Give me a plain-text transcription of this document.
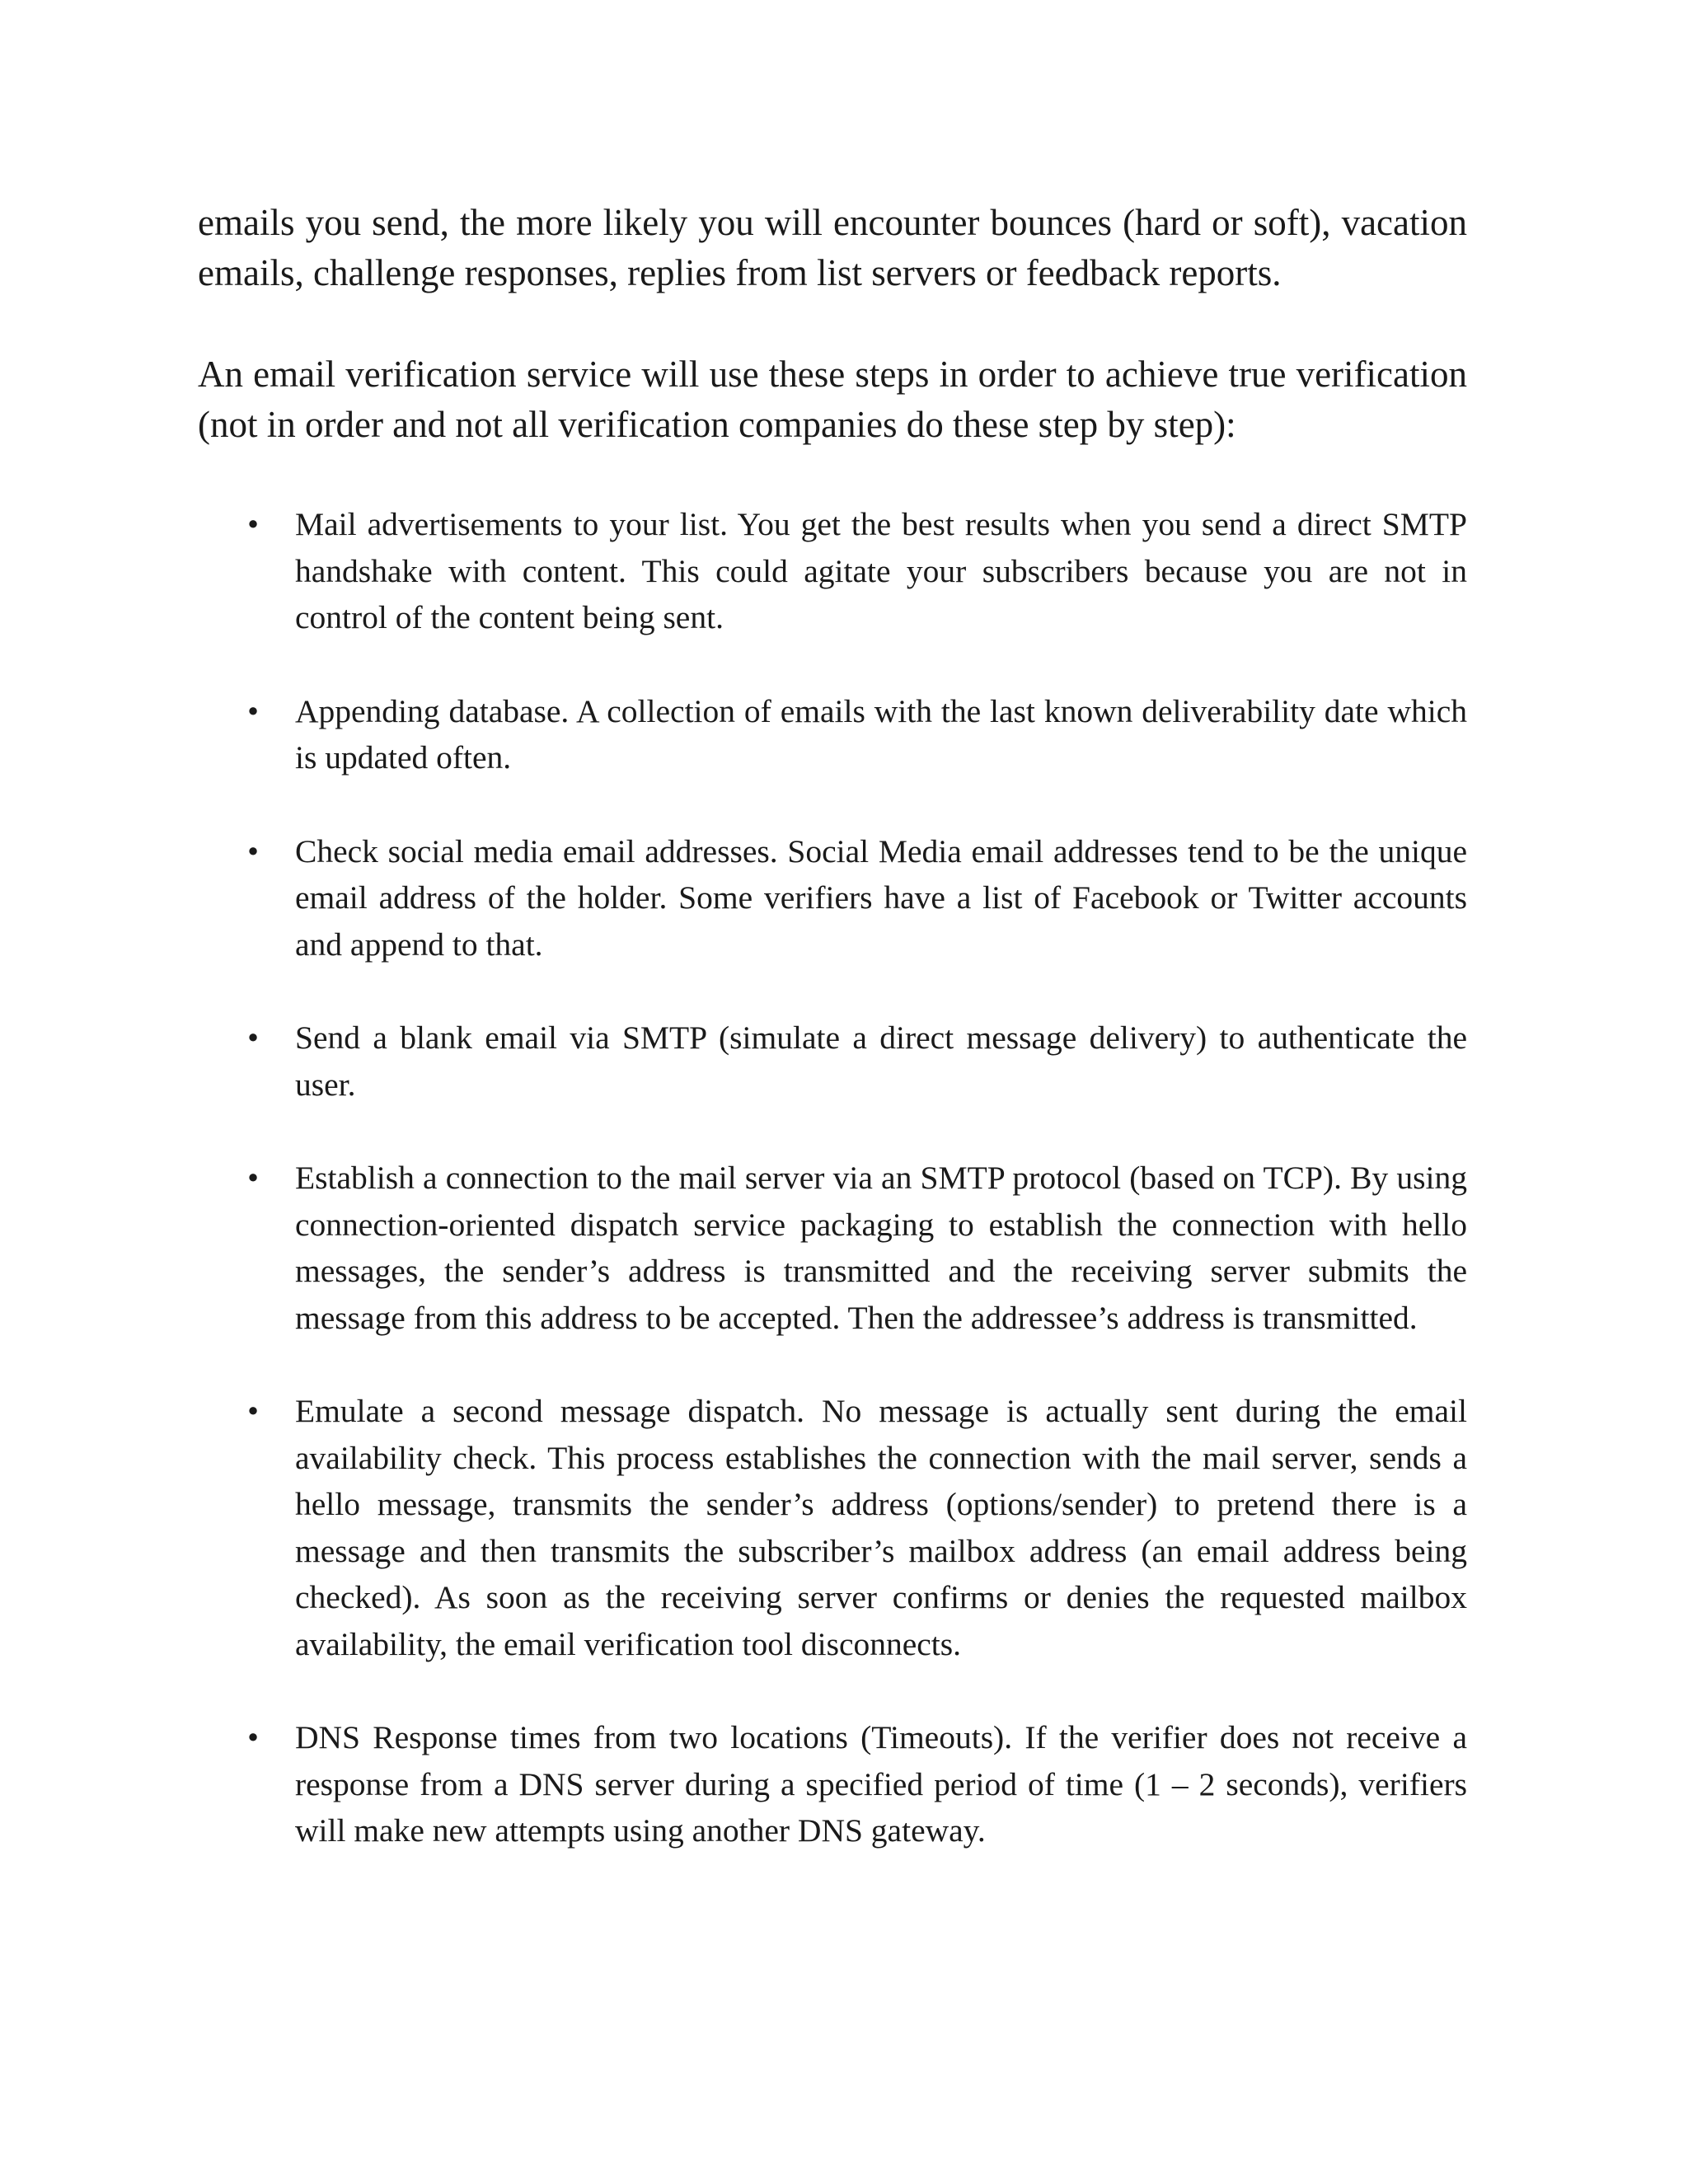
emails you send, the more likely you will encounter bounces (hard or soft), vacation emails, challenge responses, replies from list servers or feedback reports.

An email verification service will use these steps in order to achieve true verification (not in order and not all verification companies do these step by step):

• Mail advertisements to your list. You get the best results when you send a direct SMTP handshake with content. This could agitate your subscribers because you are not in control of the content being sent.
• Appending database. A collection of emails with the last known deliverability date which is updated often.
• Check social media email addresses. Social Media email addresses tend to be the unique email address of the holder. Some verifiers have a list of Facebook or Twitter accounts and append to that.
• Send a blank email via SMTP (simulate a direct message delivery) to authenticate the user.
• Establish a connection to the mail server via an SMTP protocol (based on TCP). By using connection-oriented dispatch service packaging to establish the connection with hello messages, the sender’s address is transmitted and the receiving server submits the message from this address to be accepted. Then the addressee’s address is transmitted.
• Emulate a second message dispatch. No message is actually sent during the email availability check. This process establishes the connection with the mail server, sends a hello message, transmits the sender’s address (options/sender) to pretend there is a message and then transmits the subscriber’s mailbox address (an email address being checked). As soon as the receiving server confirms or denies the requested mailbox availability, the email verification tool disconnects.
• DNS Response times from two locations (Timeouts). If the verifier does not receive a response from a DNS server during a specified period of time (1 – 2 seconds), verifiers will make new attempts using another DNS gateway.
